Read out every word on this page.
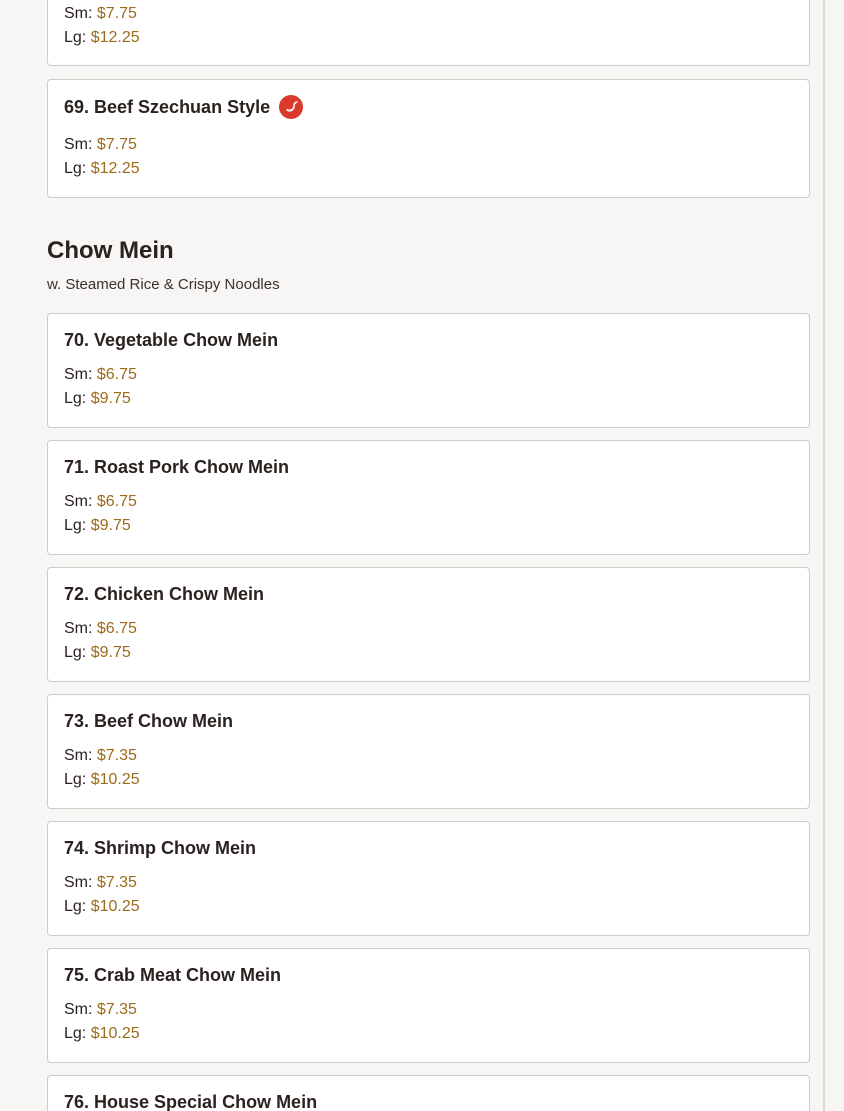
Sm: $7.75
Lg: $12.25
69. Beef Szechuan Style
Sm: $7.75
Lg: $12.25
Chow Mein
w. Steamed Rice & Crispy Noodles
70. Vegetable Chow Mein
Sm: $6.75
Lg: $9.75
71. Roast Pork Chow Mein
Sm: $6.75
Lg: $9.75
72. Chicken Chow Mein
Sm: $6.75
Lg: $9.75
73. Beef Chow Mein
Sm: $7.35
Lg: $10.25
74. Shrimp Chow Mein
Sm: $7.35
Lg: $10.25
75. Crab Meat Chow Mein
Sm: $7.35
Lg: $10.25
76. House Special Chow Mein
